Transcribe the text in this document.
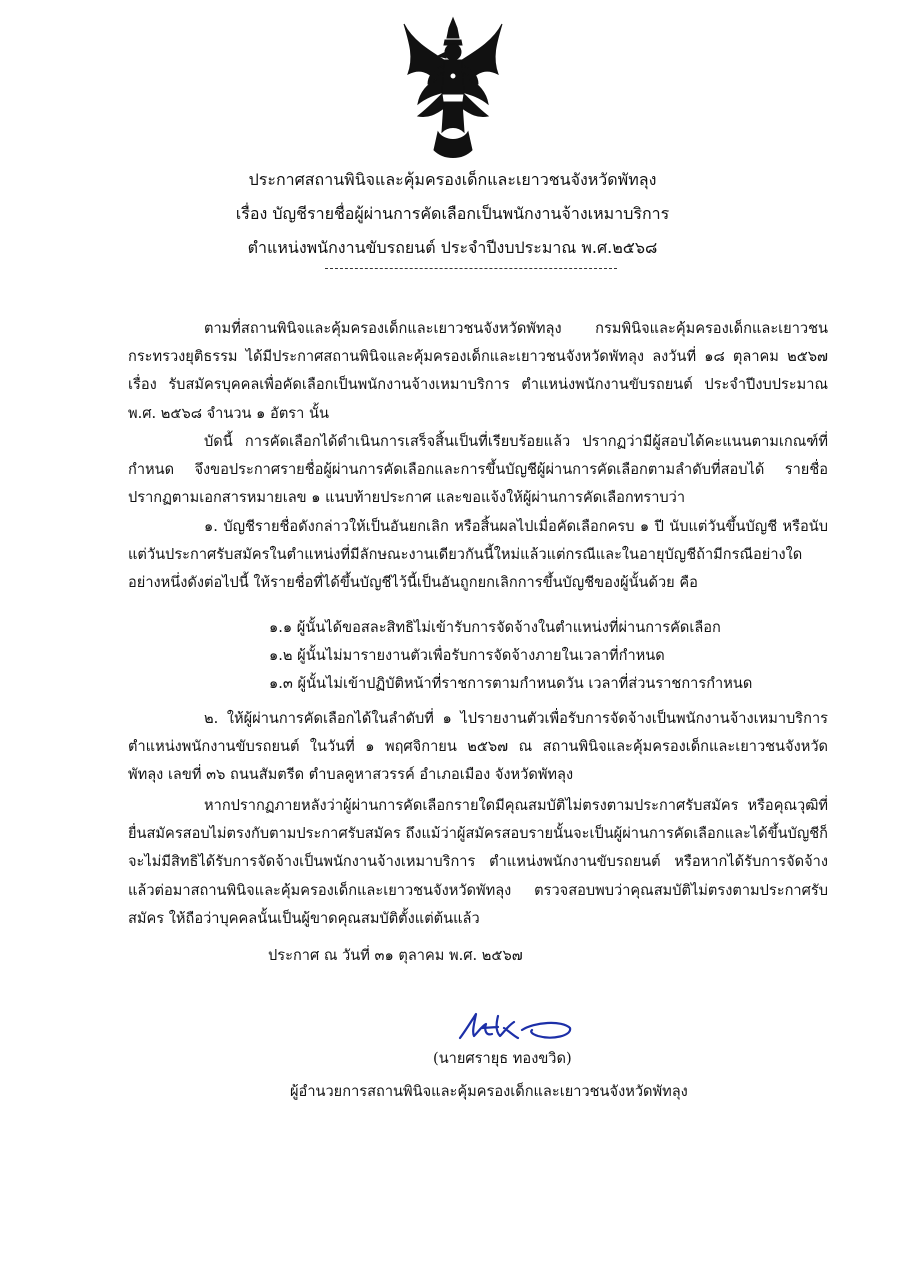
ประกาศสถานพินิจและคุ้มครองเด็กและเยาวชนจังหวัดพัทลุง
เรื่อง บัญชีรายชื่อผู้ผ่านการคัดเลือกเป็นพนักงานจ้างเหมาบริการ
ตำแหน่งพนักงานขับรถยนต์ ประจำปีงบประมาณ พ.ศ.๒๕๖๘
ตามที่สถานพินิจและคุ้มครองเด็กและเยาวชนจังหวัดพัทลุง กรมพินิจและคุ้มครองเด็กและเยาวชน กระทรวงยุติธรรม ได้มีประกาศสถานพินิจและคุ้มครองเด็กและเยาวชนจังหวัดพัทลุง ลงวันที่ ๑๘ ตุลาคม ๒๕๖๗ เรื่อง รับสมัครบุคคลเพื่อคัดเลือกเป็นพนักงานจ้างเหมาบริการ ตำแหน่งพนักงานขับรถยนต์ ประจำปีงบประมาณ พ.ศ. ๒๕๖๘ จำนวน ๑ อัตรา นั้น
บัดนี้ การคัดเลือกได้ดำเนินการเสร็จสิ้นเป็นที่เรียบร้อยแล้ว ปรากฏว่ามีผู้สอบได้คะแนนตามเกณฑ์ที่กำหนด จึงขอประกาศรายชื่อผู้ผ่านการคัดเลือกและการขึ้นบัญชีผู้ผ่านการคัดเลือกตามลำดับที่สอบได้ รายชื่อปรากฏตามเอกสารหมายเลข ๑ แนบท้ายประกาศ และขอแจ้งให้ผู้ผ่านการคัดเลือกทราบว่า
๑. บัญชีรายชื่อดังกล่าวให้เป็นอันยกเลิก หรือสิ้นผลไปเมื่อคัดเลือกครบ ๑ ปี นับแต่วันขึ้นบัญชี หรือนับแต่วันประกาศรับสมัครในตำแหน่งที่มีลักษณะงานเดียวกันนี้ใหม่แล้วแต่กรณีและในอายุบัญชีถ้ามีกรณีอย่างใดอย่างหนึ่งดังต่อไปนี้ ให้รายชื่อที่ได้ขึ้นบัญชีไว้นี้เป็นอันถูกยกเลิกการขึ้นบัญชีของผู้นั้นด้วย คือ
๑.๑ ผู้นั้นได้ขอสละสิทธิไม่เข้ารับการจัดจ้างในตำแหน่งที่ผ่านการคัดเลือก
๑.๒ ผู้นั้นไม่มารายงานตัวเพื่อรับการจัดจ้างภายในเวลาที่กำหนด
๑.๓ ผู้นั้นไม่เข้าปฏิบัติหน้าที่ราชการตามกำหนดวัน เวลาที่ส่วนราชการกำหนด
๒. ให้ผู้ผ่านการคัดเลือกได้ในลำดับที่ ๑ ไปรายงานตัวเพื่อรับการจัดจ้างเป็นพนักงานจ้างเหมาบริการ ตำแหน่งพนักงานขับรถยนต์ ในวันที่ ๑ พฤศจิกายน ๒๕๖๗ ณ สถานพินิจและคุ้มครองเด็กและเยาวชนจังหวัดพัทลุง เลขที่ ๓๖ ถนนสัมตรีด ตำบลคูหาสวรรค์ อำเภอเมือง จังหวัดพัทลุง
หากปรากฏภายหลังว่าผู้ผ่านการคัดเลือกรายใดมีคุณสมบัติไม่ตรงตามประกาศรับสมัคร หรือคุณวุฒิที่ยื่นสมัครสอบไม่ตรงกับตามประกาศรับสมัคร ถึงแม้ว่าผู้สมัครสอบรายนั้นจะเป็นผู้ผ่านการคัดเลือกและได้ขึ้นบัญชีก็จะไม่มีสิทธิได้รับการจัดจ้างเป็นพนักงานจ้างเหมาบริการ ตำแหน่งพนักงานขับรถยนต์ หรือหากได้รับการจัดจ้างแล้วต่อมาสถานพินิจและคุ้มครองเด็กและเยาวชนจังหวัดพัทลุง ตรวจสอบพบว่าคุณสมบัติไม่ตรงตามประกาศรับสมัคร ให้ถือว่าบุคคลนั้นเป็นผู้ขาดคุณสมบัติตั้งแต่ต้นแล้ว
ประกาศ ณ วันที่ ๓๑ ตุลาคม พ.ศ. ๒๕๖๗
(นายศรายุธ ทองขวิด)
ผู้อำนวยการสถานพินิจและคุ้มครองเด็กและเยาวชนจังหวัดพัทลุง
